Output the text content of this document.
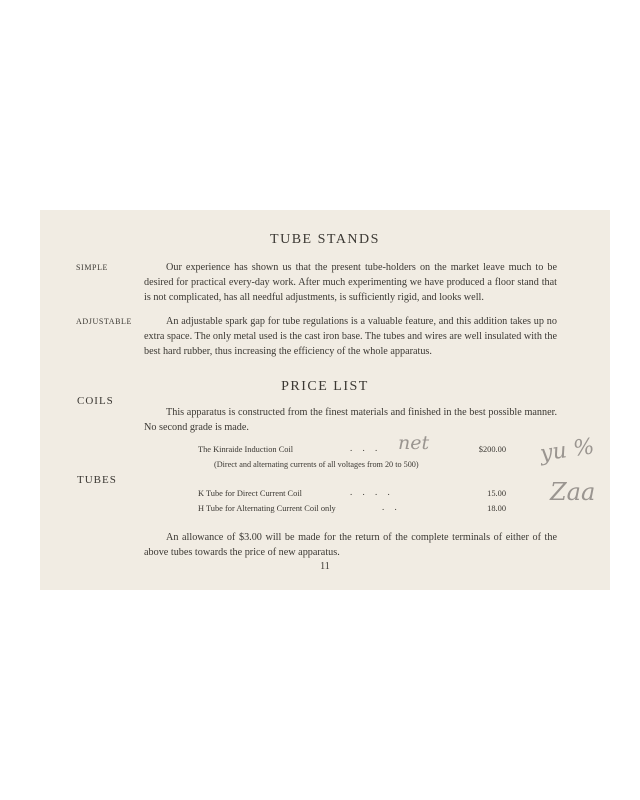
TUBE STANDS
SIMPLE	Our experience has shown us that the present tube-holders on the market leave much to be desired for practical every-day work. After much experimenting we have produced a floor stand that is not complicated, has all needful adjustments, is sufficiently rigid, and looks well.

ADJUSTABLE	An adjustable spark gap for tube regulations is a valuable feature, and this addition takes up no extra space. The only metal used is the cast iron base. The tubes and wires are well insulated with the best hard rubber, thus increasing the efficiency of the whole apparatus.

PRICE LIST
COILS

This apparatus is constructed from the finest materials and finished in the best possible manner. No second grade is made.

The Kinraide Induction Coil	. . . net	$200.00
(Direct and alternating currents of all voltages from 20 to 500)
TUBES
K Tube for Direct Current Coil	. . . .	15.00
H Tube for Alternating Current Coil only	. .	18.00

An allowance of $3.00 will be made for the return of the complete terminals of either of the above tubes towards the price of new apparatus.

11
yu %
Zaa
